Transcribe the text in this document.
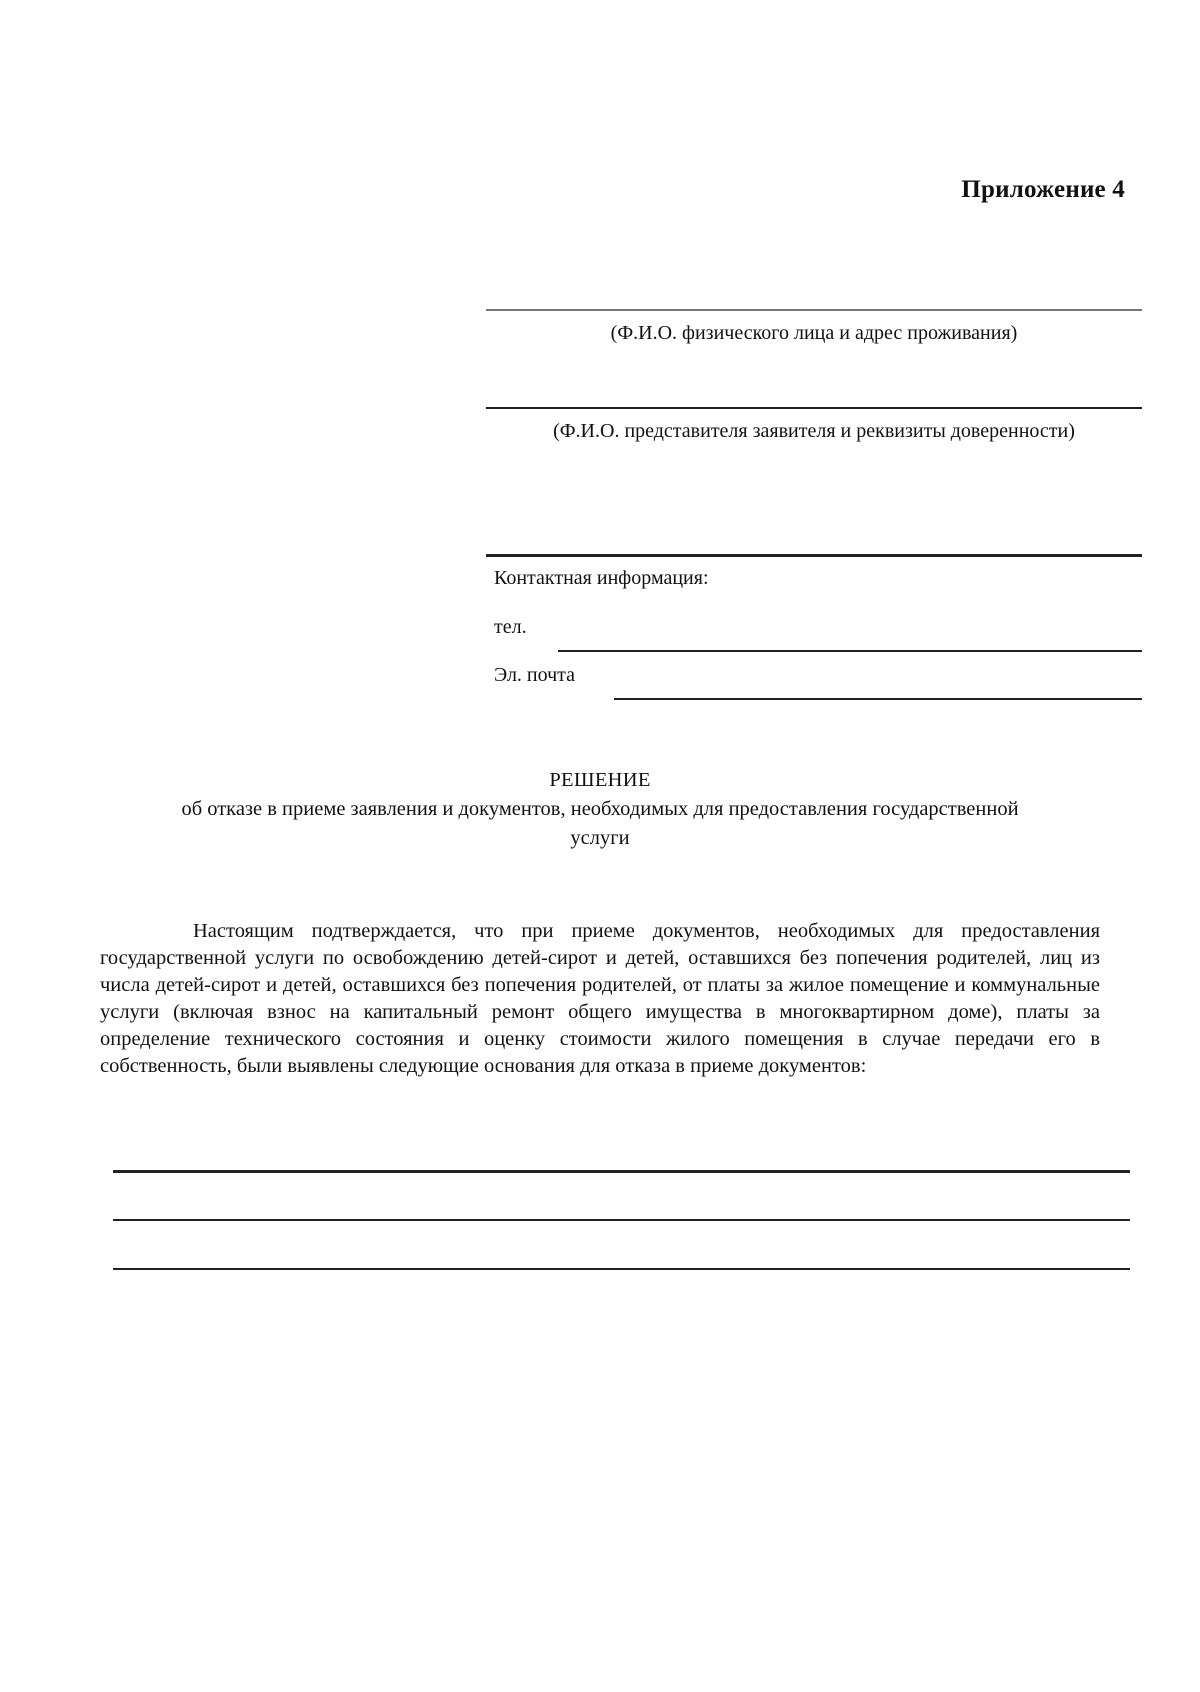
Приложение 4
(Ф.И.О. физического лица и адрес проживания)
(Ф.И.О. представителя заявителя и реквизиты доверенности)
Контактная информация:
тел.
Эл. почта
РЕШЕНИЕ
об отказе в приеме заявления и документов, необходимых для предоставления государственной услуги
Настоящим подтверждается, что при приеме документов, необходимых для предоставления государственной услуги по освобождению детей-сирот и детей, оставшихся без попечения родителей, лиц из числа детей-сирот и детей, оставшихся без попечения родителей, от платы за жилое помещение и коммунальные услуги (включая взнос на капитальный ремонт общего имущества в многоквартирном доме), платы за определение технического состояния и оценку стоимости жилого помещения в случае передачи его в собственность, были выявлены следующие основания для отказа в приеме документов:
